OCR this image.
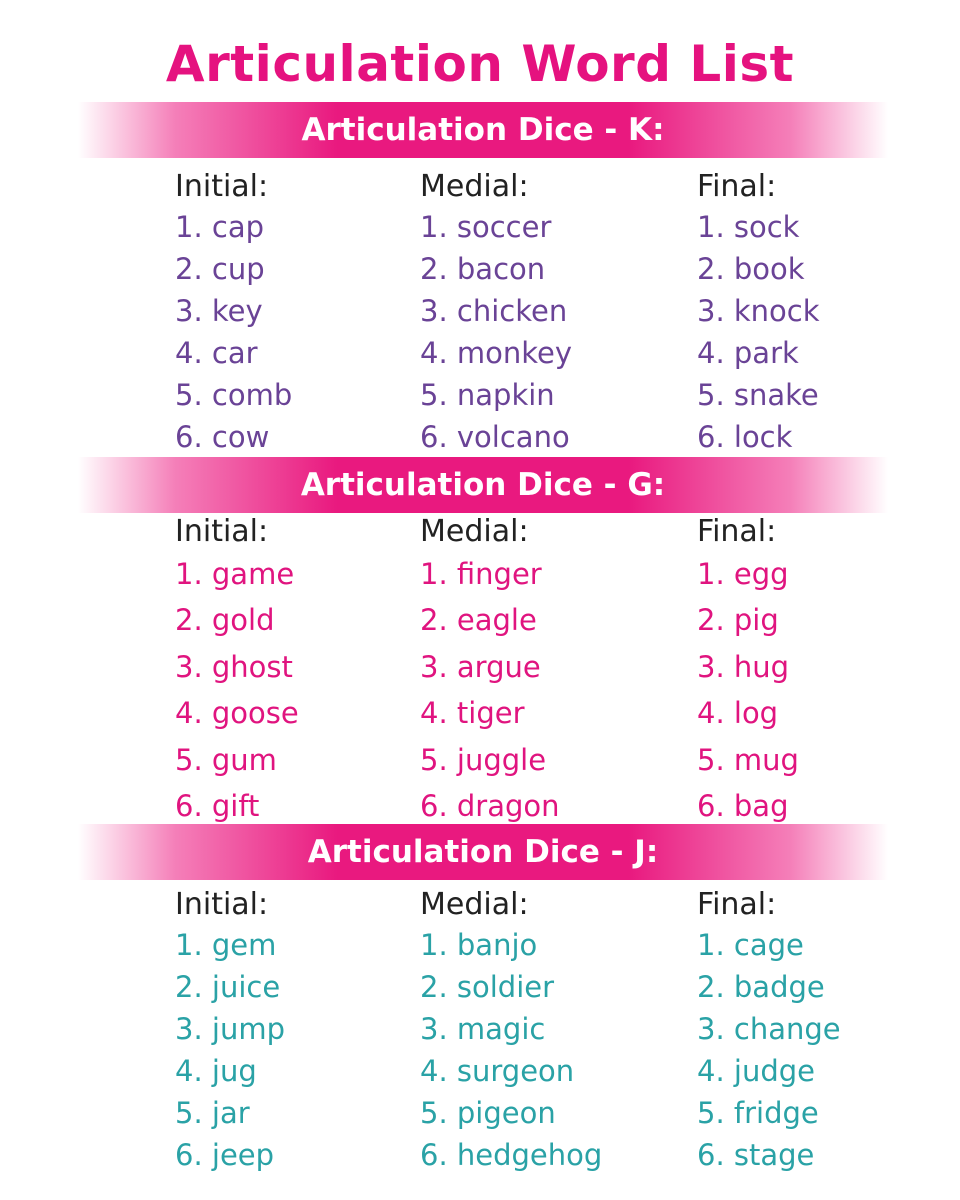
Articulation Word List
Articulation Dice - K:
Initial:
1. cap
2. cup
3. key
4. car
5. comb
6. cow
Medial:
1. soccer
2. bacon
3. chicken
4. monkey
5. napkin
6. volcano
Final:
1. sock
2. book
3. knock
4. park
5. snake
6. lock
Articulation Dice - G:
Initial:
1. game
2. gold
3. ghost
4. goose
5. gum
6. gift
Medial:
1. finger
2. eagle
3. argue
4. tiger
5. juggle
6. dragon
Final:
1. egg
2. pig
3. hug
4. log
5. mug
6. bag
Articulation Dice - J:
Initial:
1. gem
2. juice
3. jump
4. jug
5. jar
6. jeep
Medial:
1. banjo
2. soldier
3. magic
4. surgeon
5. pigeon
6. hedgehog
Final:
1. cage
2. badge
3. change
4. judge
5. fridge
6. stage
